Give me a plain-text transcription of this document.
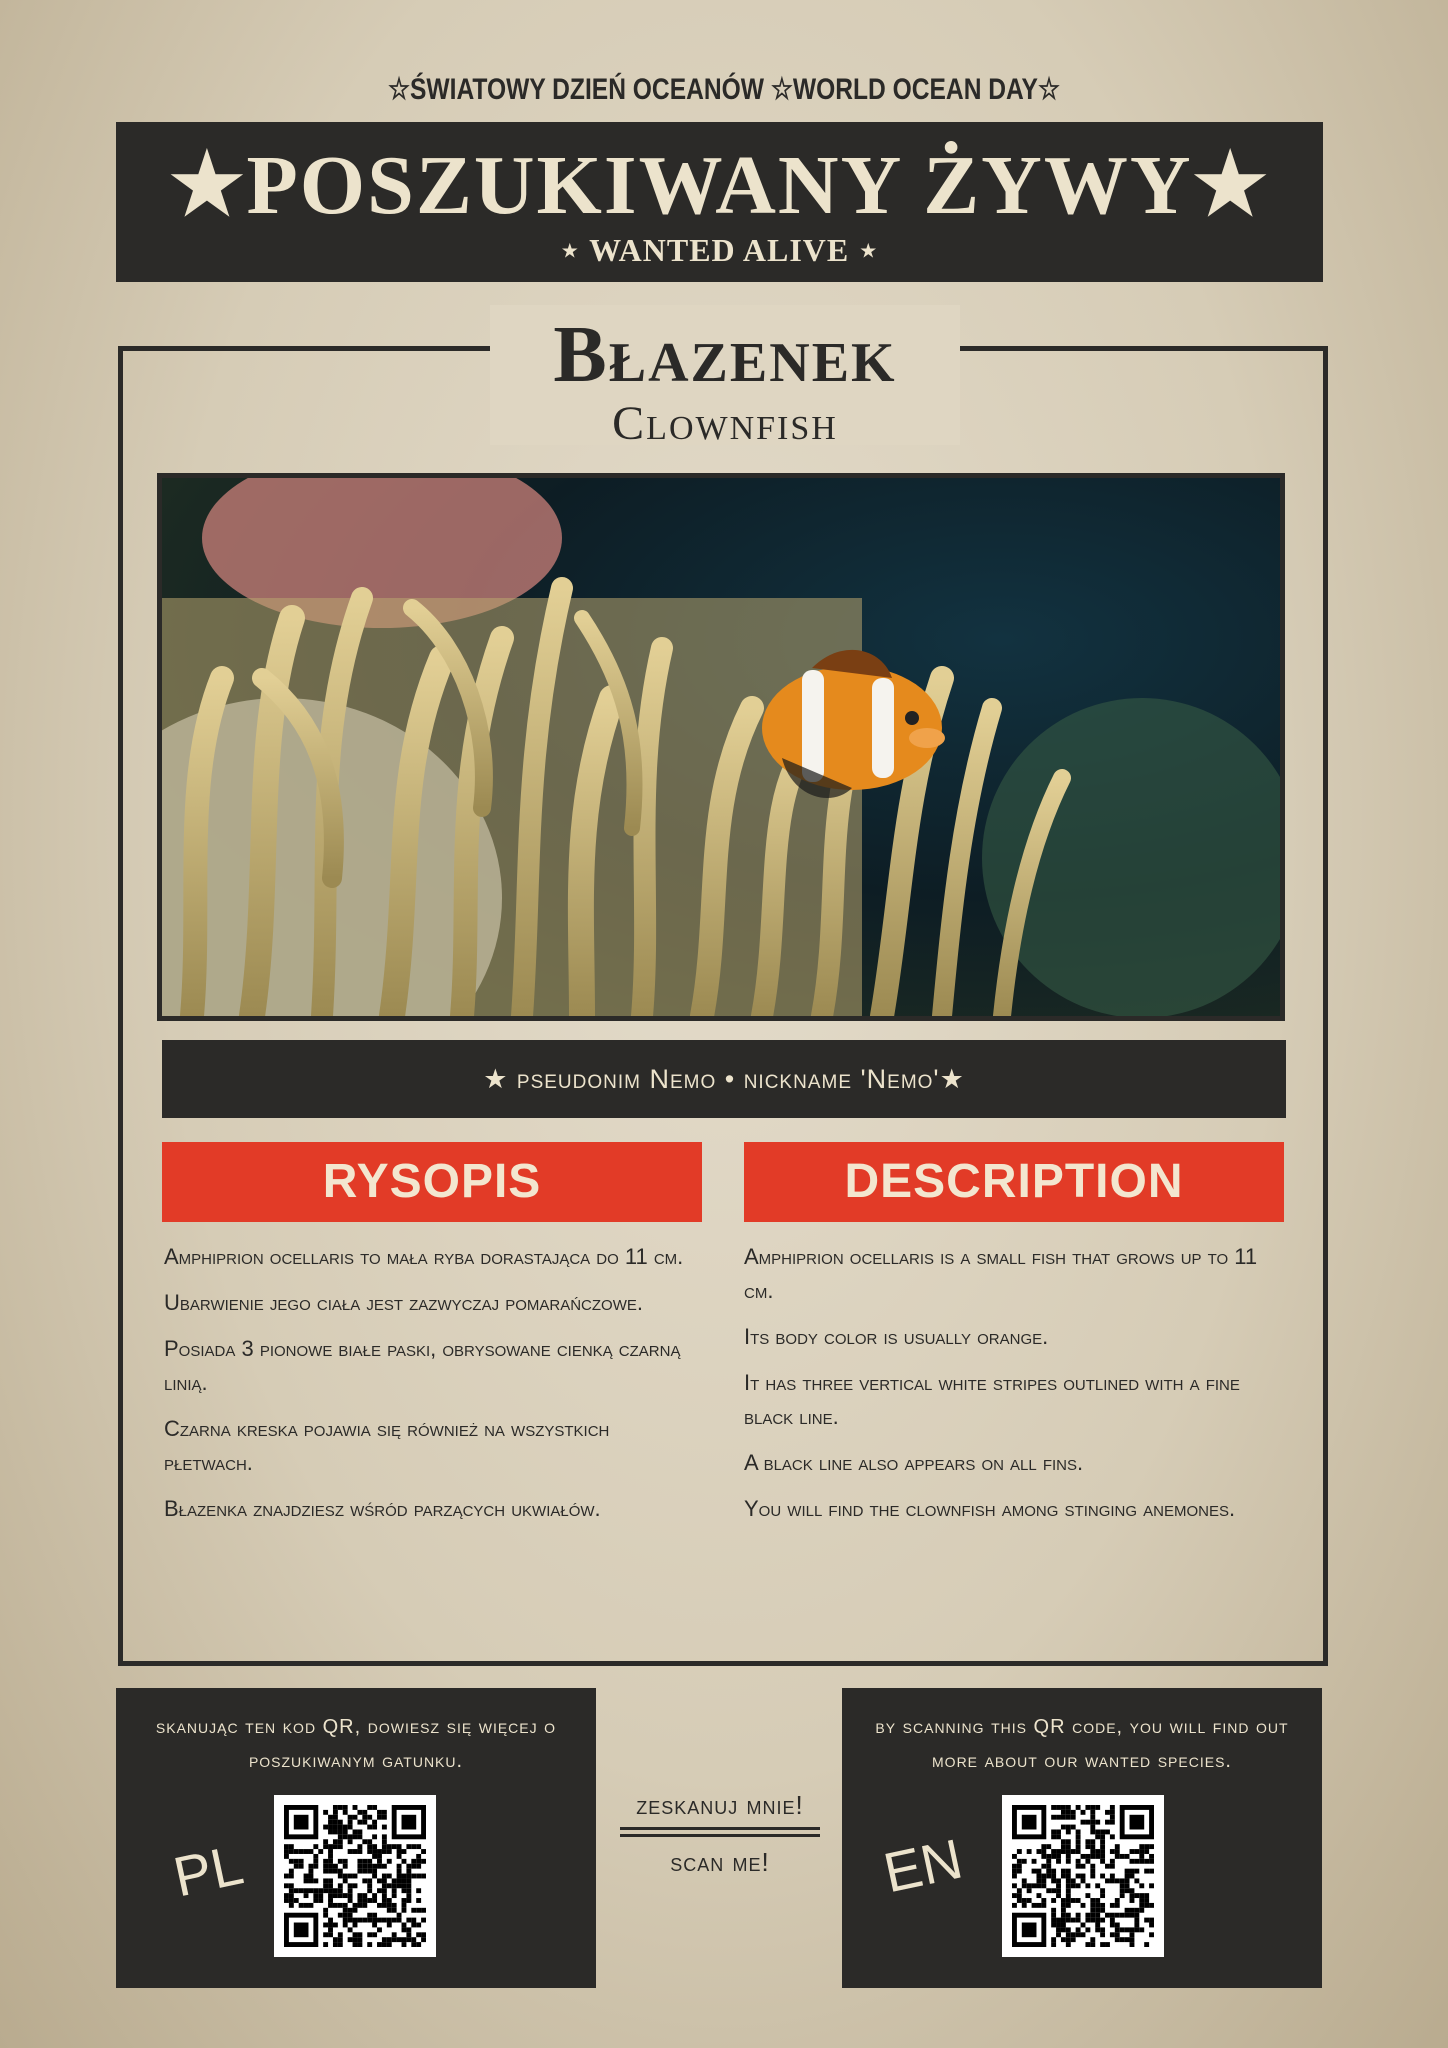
☆ŚWIATOWY DZIEŃ OCEANÓW ☆WORLD OCEAN DAY☆
★POSZUKIWANY ŻYWY★
⋆ WANTED ALIVE ⋆
Błazenek
Clownfish
★ pseudonim Nemo • nickname 'Nemo'★
RYSOPIS	DESCRIPTION

Amphiprion ocellaris to mała ryba dorastająca do 11 cm.

Ubarwienie jego ciała jest zazwyczaj pomarańczowe.

Posiada 3 pionowe białe paski, obrysowane cienką czarną linią.

Czarna kreska pojawia się również na wszystkich płetwach.

Błazenka znajdziesz wśród parzących ukwiałów.

Amphiprion ocellaris is a small fish that grows up to 11 cm.

Its body color is usually orange.

It has three vertical white stripes outlined with a fine black line.

A black line also appears on all fins.

You will find the clownfish among stinging anemones.

skanując ten kod QR, dowiesz się więcej o poszukiwanym gatunku.
PL
zeskanuj mnie!
scan me!
by scanning this QR code, you will find out more about our wanted species.
EN
